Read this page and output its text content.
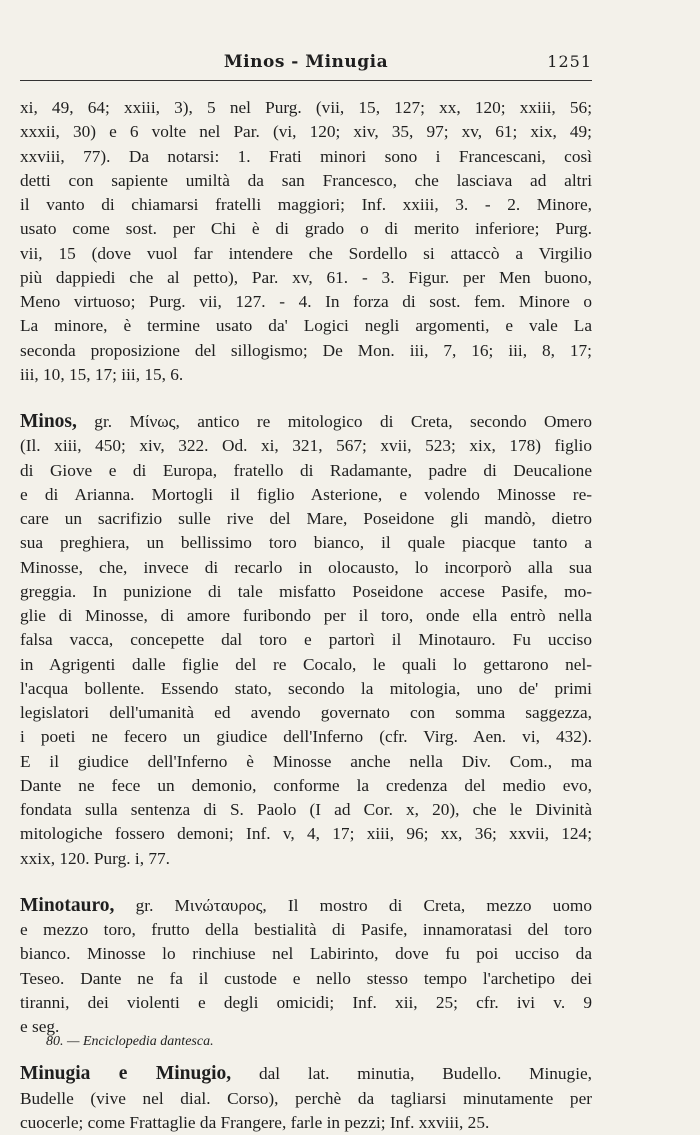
Minos - Minugia	1251
xi, 49, 64; xxiii, 3), 5 nel Purg. (vii, 15, 127; xx, 120; xxiii, 56;
xxxii, 30) e 6 volte nel Par. (vi, 120; xiv, 35, 97; xv, 61; xix, 49;
xxviii, 77). Da notarsi: 1. Frati minori sono i Francescani, così
detti con sapiente umiltà da san Francesco, che lasciava ad altri
il vanto di chiamarsi fratelli maggiori; Inf. xxiii, 3. - 2. Minore,
usato come sost. per Chi è di grado o di merito inferiore; Purg.
vii, 15 (dove vuol far intendere che Sordello si attaccò a Virgilio
più dappiedi che al petto), Par. xv, 61. - 3. Figur. per Men buono,
Meno virtuoso; Purg. vii, 127. - 4. In forza di sost. fem. Minore o
La minore, è termine usato da' Logici negli argomenti, e vale La
seconda proposizione del sillogismo; De Mon. iii, 7, 16; iii, 8, 17;
iii, 10, 15, 17; iii, 15, 6.
Minos, gr. Μίνως, antico re mitologico di Creta, secondo Omero
(Il. xiii, 450; xiv, 322. Od. xi, 321, 567; xvii, 523; xix, 178) figlio
di Giove e di Europa, fratello di Radamante, padre di Deucalione
e di Arianna. Mortogli il figlio Asterione, e volendo Minosse re-
care un sacrifizio sulle rive del Mare, Poseidone gli mandò, dietro
sua preghiera, un bellissimo toro bianco, il quale piacque tanto a
Minosse, che, invece di recarlo in olocausto, lo incorporò alla sua
greggia. In punizione di tale misfatto Poseidone accese Pasife, mo-
glie di Minosse, di amore furibondo per il toro, onde ella entrò nella
falsa vacca, concepette dal toro e partorì il Minotauro. Fu ucciso
in Agrigenti dalle figlie del re Cocalo, le quali lo gettarono nel-
l'acqua bollente. Essendo stato, secondo la mitologia, uno de' primi
legislatori dell'umanità ed avendo governato con somma saggezza,
i poeti ne fecero un giudice dell'Inferno (cfr. Virg. Aen. vi, 432).
E il giudice dell'Inferno è Minosse anche nella Div. Com., ma
Dante ne fece un demonio, conforme la credenza del medio evo,
fondata sulla sentenza di S. Paolo (I ad Cor. x, 20), che le Divinità
mitologiche fossero demoni; Inf. v, 4, 17; xiii, 96; xx, 36; xxvii, 124;
xxix, 120. Purg. i, 77.
Minotauro, gr. Μινώταυρος, Il mostro di Creta, mezzo uomo
e mezzo toro, frutto della bestialità di Pasife, innamoratasi del toro
bianco. Minosse lo rinchiuse nel Labirinto, dove fu poi ucciso da
Teseo. Dante ne fa il custode e nello stesso tempo l'archetipo dei
tiranni, dei violenti e degli omicidi; Inf. xii, 25; cfr. ivi v. 9
e seg.
Minugia e Minugio, dal lat. minutia, Budello. Minugie,
Budelle (vive nel dial. Corso), perchè da tagliarsi minutamente per
cuocerle; come Frattaglie da Frangere, farle in pezzi; Inf. xxviii, 25.
80. — Enciclopedia dantesca.
